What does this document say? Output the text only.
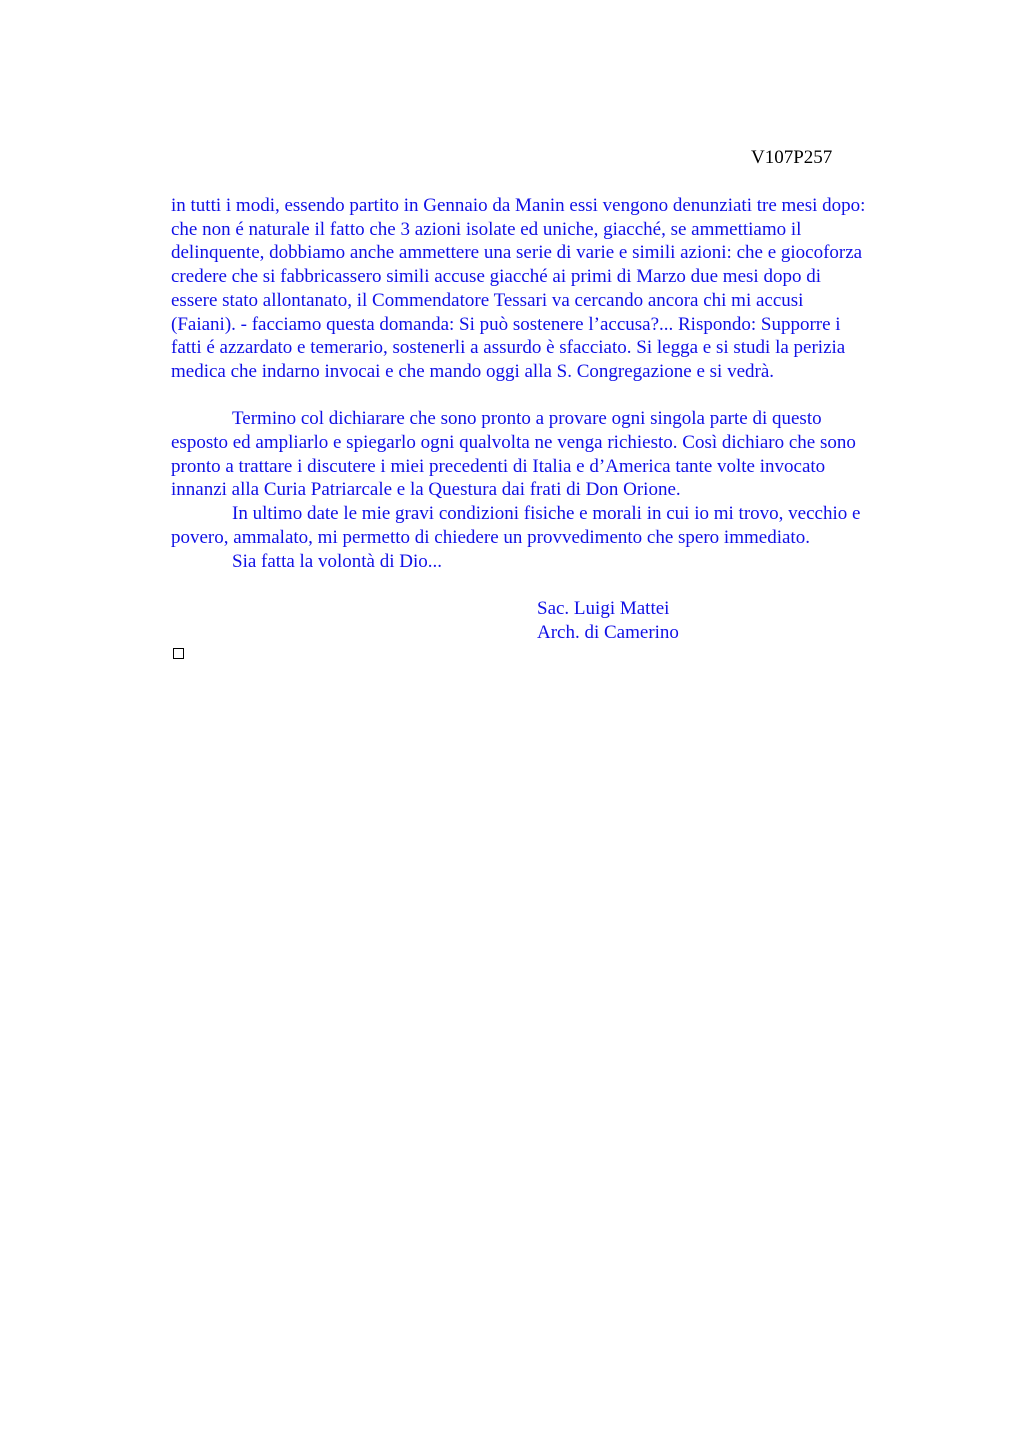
V107P257
in tutti i modi, essendo partito in Gennaio da Manin essi vengono denunziati tre mesi dopo:
che non é naturale il fatto che 3 azioni isolate ed uniche, giacché, se ammettiamo il
delinquente, dobbiamo anche ammettere una serie di varie e simili azioni: che e giocoforza
credere che si fabbricassero simili accuse giacché ai primi di Marzo due mesi dopo di
essere stato allontanato, il Commendatore Tessari va cercando ancora chi mi accusi
(Faiani). - facciamo questa domanda: Si può sostenere l’accusa?... Rispondo: Supporre i
fatti é azzardato e temerario, sostenerli a assurdo è sfacciato. Si legga e si studi la perizia
medica che indarno invocai e che mando oggi alla S. Congregazione e si vedrà.
Termino col dichiarare che sono pronto a provare ogni singola parte di questo
esposto ed ampliarlo e spiegarlo ogni qualvolta ne venga richiesto. Così dichiaro che sono
pronto a trattare i discutere i miei precedenti di Italia e d’America tante volte invocato
innanzi alla Curia Patriarcale e la Questura dai frati di Don Orione.
In ultimo date le mie gravi condizioni fisiche e morali in cui io mi trovo, vecchio e
povero, ammalato, mi permetto di chiedere un provvedimento che spero immediato.
Sia fatta la volontà di Dio...
Sac. Luigi Mattei
Arch. di Camerino
